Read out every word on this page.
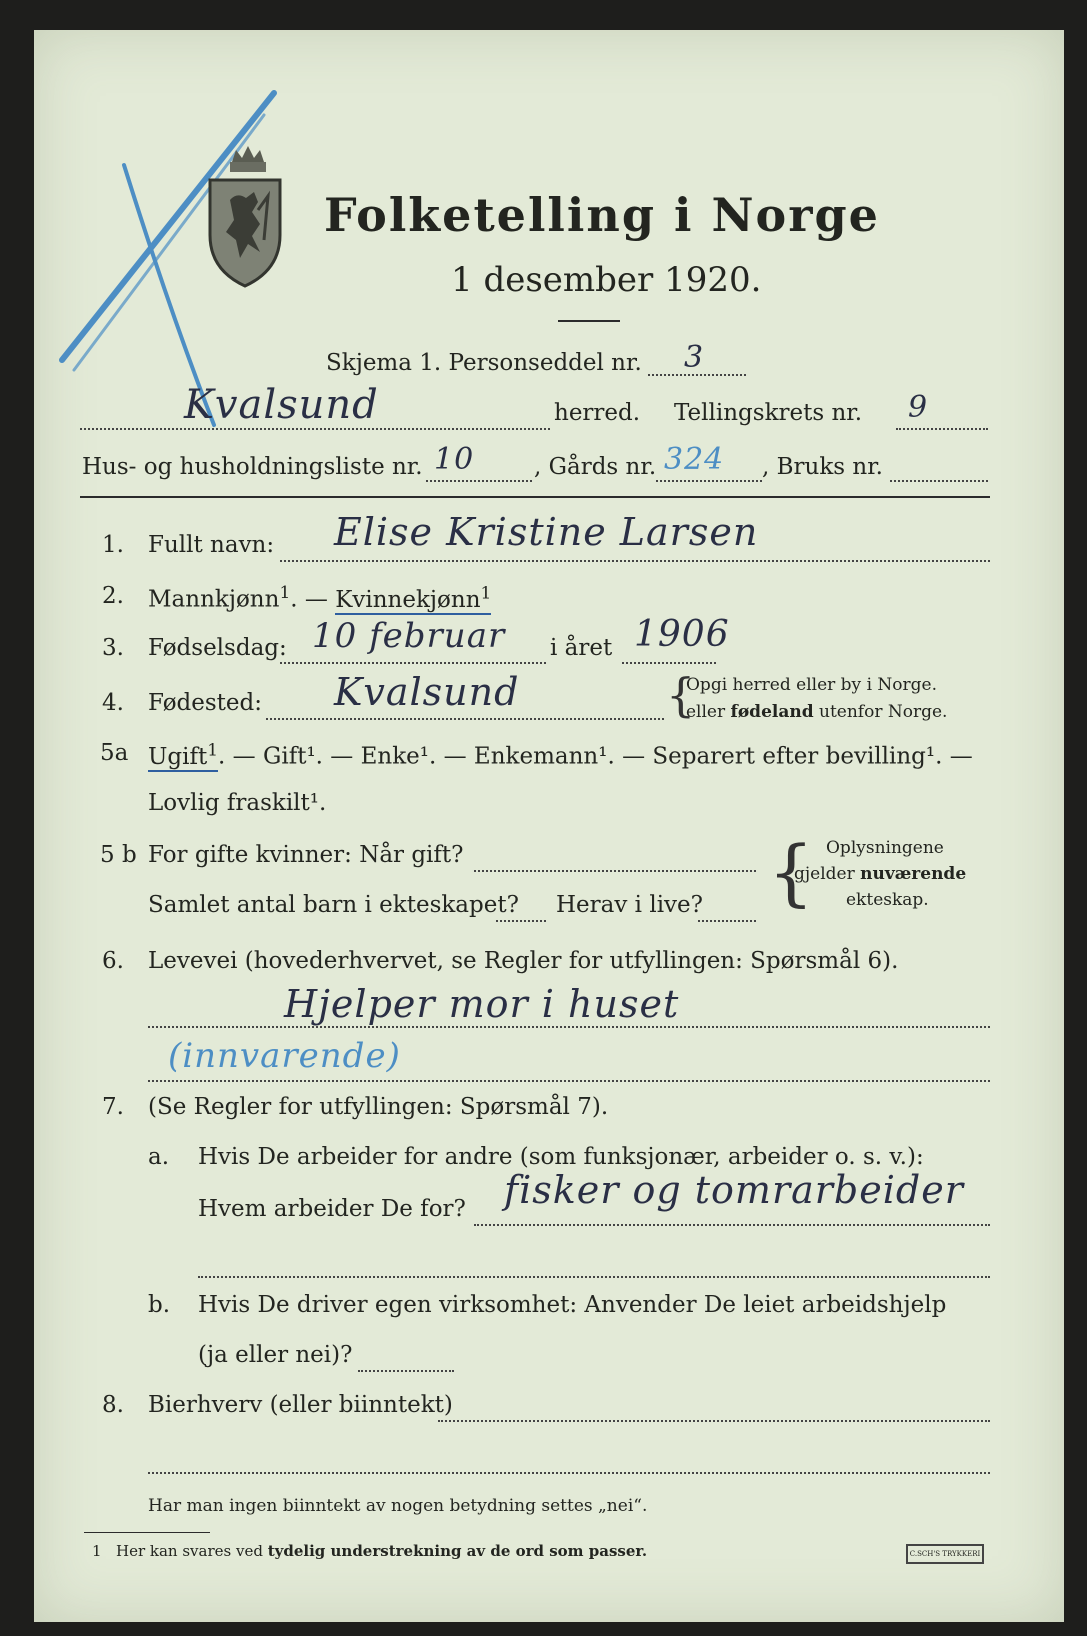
Folketelling i Norge
1 desember 1920.
Skjema 1. Personseddel nr. 3
Kvalsund	herred. Tellingskrets nr. 9
Hus- og husholdningsliste nr. 10	, Gårds nr. 324 , Bruks nr.
1. Fullt navn: Elise Kristine Larsen
2. Mannkjønn$^1$. — Kvinnekjønn$^1$
3. Fødselsdag: 10 februar i året 1906
4. Fødested: Kvalsund	{
Opgi herred eller by i Norge.
eller fødeland utenfor Norge.
5a Ugift$^1$. — Gift¹. — Enke¹. — Enkemann¹. — Separert efter bevilling¹. —
Lovlig fraskilt¹.
5 b For gifte kvinner: Når gift?
Samlet antal barn i ekteskapet? Herav i live? { Oplysningene
gjelder nuværende
ekteskap.
6. Levevei (hovederhvervet, se Regler for utfyllingen: Spørsmål 6).
Hjelper mor i huset
(innvarende)
7. (Se Regler for utfyllingen: Spørsmål 7).
a. Hvis De arbeider for andre (som funksjonær, arbeider o. s. v.):
Hvem arbeider De for? fisker og tomrarbeider
b. Hvis De driver egen virksomhet: Anvender De leiet arbeidshjelp
(ja eller nei)?
8. Bierhverv (eller biinntekt)
Har man ingen biinntekt av nogen betydning settes „nei“.
1 Her kan svares ved tydelig understrekning av de ord som passer.	C.SCH'S TRYKKERI
